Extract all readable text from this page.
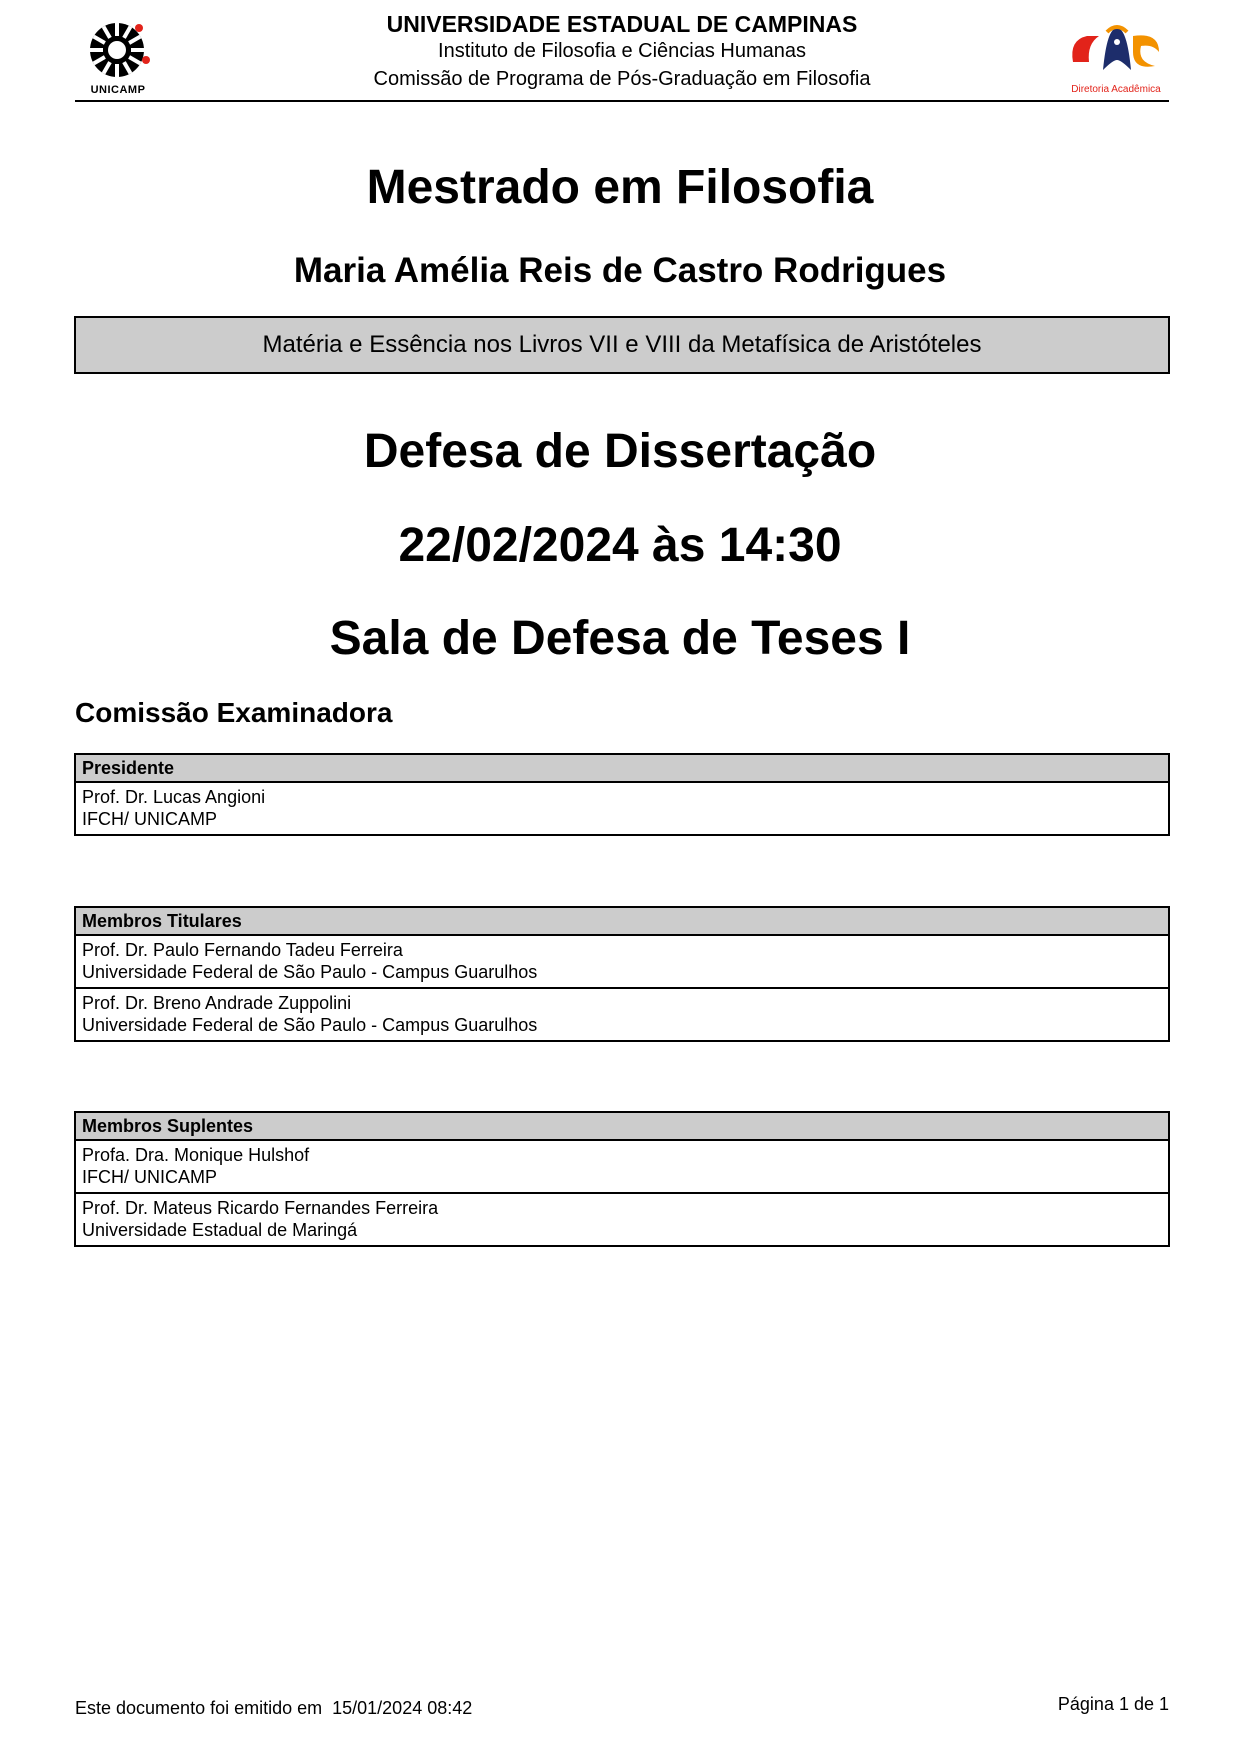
UNICAMP
UNIVERSIDADE ESTADUAL DE CAMPINAS
Instituto de Filosofia e Ciências Humanas
Comissão de Programa de Pós-Graduação em Filosofia	Diretoria Acadêmica
Mestrado em Filosofia
Maria Amélia Reis de Castro Rodrigues
Matéria e Essência nos Livros VII e VIII da Metafísica de Aristóteles
Defesa de Dissertação
22/02/2024 às 14:30
Sala de Defesa de Teses I
Comissão Examinadora
Presidente
Prof. Dr. Lucas Angioni
IFCH/ UNICAMP
Membros Titulares
Prof. Dr. Paulo Fernando Tadeu Ferreira
Universidade Federal de São Paulo - Campus Guarulhos
Prof. Dr. Breno Andrade Zuppolini
Universidade Federal de São Paulo - Campus Guarulhos
Membros Suplentes
Profa. Dra. Monique Hulshof
IFCH/ UNICAMP
Prof. Dr. Mateus Ricardo Fernandes Ferreira
Universidade Estadual de Maringá
Este documento foi emitido em  15/01/2024 08:42	Página 1 de 1
